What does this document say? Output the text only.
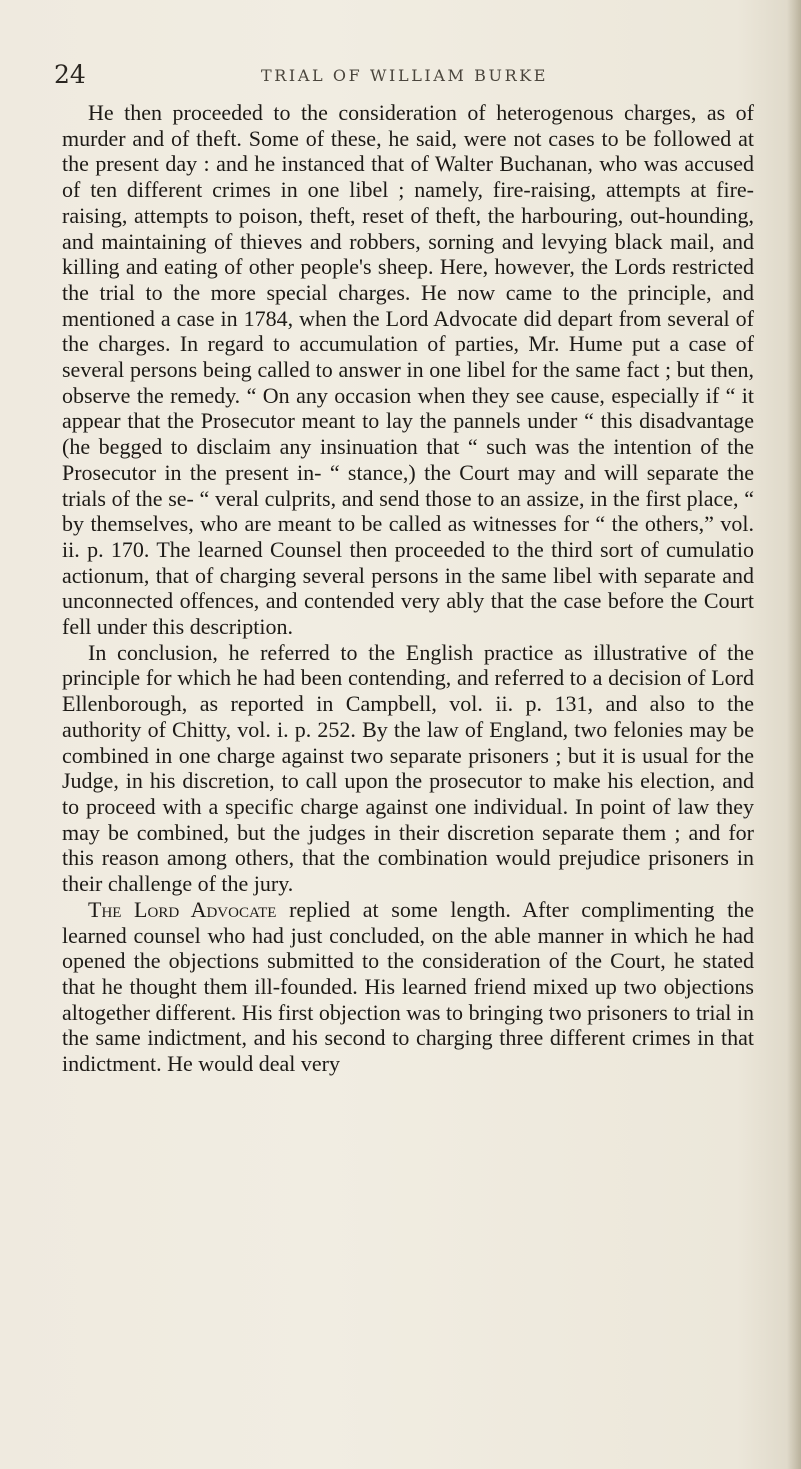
24	TRIAL OF WILLIAM BURKE

He then proceeded to the consideration of heterogenous charges, as of murder and of theft. Some of these, he said, were not cases to be followed at the present day : and he instanced that of Walter Buchanan, who was accused of ten different crimes in one libel ; namely, fire-raising, attempts at fire-raising, attempts to poison, theft, reset of theft, the harbouring, out-hounding, and maintaining of thieves and robbers, sorning and levying black mail, and killing and eating of other people's sheep. Here, however, the Lords restricted the trial to the more special charges. He now came to the principle, and mentioned a case in 1784, when the Lord Advocate did depart from several of the charges. In regard to accumulation of parties, Mr. Hume put a case of several persons being called to answer in one libel for the same fact ; but then, observe the remedy. “ On any occasion when they see cause, especially if “ it appear that the Prosecutor meant to lay the pannels under “ this disadvantage (he begged to disclaim any insinuation that “ such was the intention of the Prosecutor in the present in- “ stance,) the Court may and will separate the trials of the se- “ veral culprits, and send those to an assize, in the first place, “ by themselves, who are meant to be called as witnesses for “ the others,” vol. ii. p. 170. The learned Counsel then proceeded to the third sort of cumulatio actionum, that of charging several persons in the same libel with separate and unconnected offences, and contended very ably that the case before the Court fell under this description.

In conclusion, he referred to the English practice as illustrative of the principle for which he had been contending, and referred to a decision of Lord Ellenborough, as reported in Campbell, vol. ii. p. 131, and also to the authority of Chitty, vol. i. p. 252. By the law of England, two felonies may be combined in one charge against two separate prisoners ; but it is usual for the Judge, in his discretion, to call upon the prosecutor to make his election, and to proceed with a specific charge against one individual. In point of law they may be combined, but the judges in their discretion separate them ; and for this reason among others, that the combination would prejudice prisoners in their challenge of the jury.

The Lord Advocate replied at some length. After complimenting the learned counsel who had just concluded, on the able manner in which he had opened the objections submitted to the consideration of the Court, he stated that he thought them ill-founded. His learned friend mixed up two objections altogether different. His first objection was to bringing two prisoners to trial in the same indictment, and his second to charging three different crimes in that indictment. He would deal very
